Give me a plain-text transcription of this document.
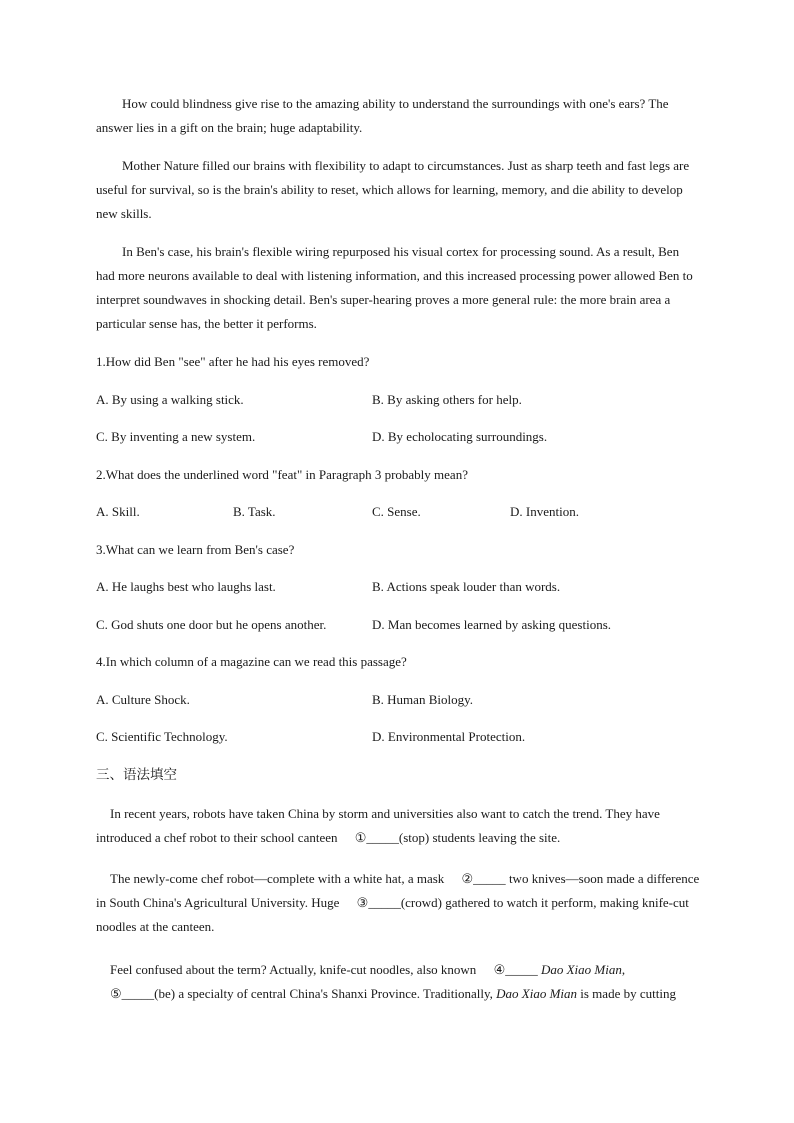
How could blindness give rise to the amazing ability to understand the surroundings with one's ears? The answer lies in a gift on the brain; huge adaptability.

Mother Nature filled our brains with flexibility to adapt to circumstances. Just as sharp teeth and fast legs are useful for survival, so is the brain's ability to reset, which allows for learning, memory, and die ability to develop new skills.

In Ben's case, his brain's flexible wiring repurposed his visual cortex for processing sound. As a result, Ben had more neurons available to deal with listening information, and this increased processing power allowed Ben to interpret soundwaves in shocking detail. Ben's super-hearing proves a more general rule: the more brain area a particular sense has, the better it performs.

1.How did Ben "see" after he had his eyes removed?
A. By using a walking stick.	B. By asking others for help.
C. By inventing a new system.	D. By echolocating surroundings.
2.What does the underlined word "feat" in Paragraph 3 probably mean?
A. Skill.	B. Task.	C. Sense.	D. Invention.
3.What can we learn from Ben's case?
A. He laughs best who laughs last.	B. Actions speak louder than words.
C. God shuts one door but he opens another.	D. Man becomes learned by asking questions.
4.In which column of a magazine can we read this passage?
A. Culture Shock.	B. Human Biology.
C. Scientific Technology.	D. Environmental Protection.
三、语法填空

In recent years, robots have taken China by storm and universities also want to catch the trend. They have introduced a chef robot to their school canteen ①_____(stop) students leaving the site.

The newly-come chef robot—complete with a white hat, a mask ②_____ two knives—soon made a difference in South China's Agricultural University. Huge ③_____(crowd) gathered to watch it perform, making knife-cut noodles at the canteen.

Feel confused about the term? Actually, knife-cut noodles, also known ④_____ Dao Xiao Mian, ⑤_____(be) a specialty of central China's Shanxi Province. Traditionally, Dao Xiao Mian is made by cutting
